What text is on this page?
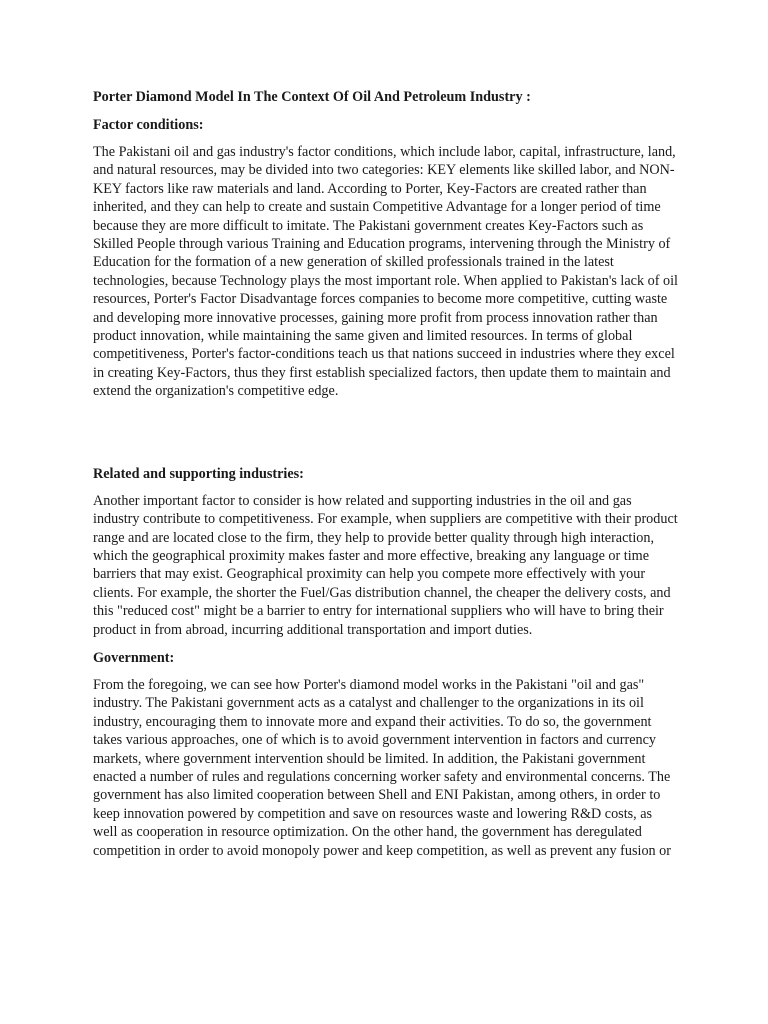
Porter Diamond Model In The Context Of Oil And Petroleum Industry :
Factor conditions:

The Pakistani oil and gas industry's factor conditions, which include labor, capital, infrastructure, land, and natural resources, may be divided into two categories: KEY elements like skilled labor, and NON-KEY factors like raw materials and land. According to Porter, Key-Factors are created rather than inherited, and they can help to create and sustain Competitive Advantage for a longer period of time because they are more difficult to imitate. The Pakistani government creates Key-Factors such as Skilled People through various Training and Education programs, intervening through the Ministry of Education for the formation of a new generation of skilled professionals trained in the latest technologies, because Technology plays the most important role. When applied to Pakistan's lack of oil resources, Porter's Factor Disadvantage forces companies to become more competitive, cutting waste and developing more innovative processes, gaining more profit from process innovation rather than product innovation, while maintaining the same given and limited resources. In terms of global competitiveness, Porter's factor-conditions teach us that nations succeed in industries where they excel in creating Key-Factors, thus they first establish specialized factors, then update them to maintain and extend the organization's competitive edge.

Related and supporting industries:

Another important factor to consider is how related and supporting industries in the oil and gas industry contribute to competitiveness. For example, when suppliers are competitive with their product range and are located close to the firm, they help to provide better quality through high interaction, which the geographical proximity makes faster and more effective, breaking any language or time barriers that may exist. Geographical proximity can help you compete more effectively with your clients. For example, the shorter the Fuel/Gas distribution channel, the cheaper the delivery costs, and this "reduced cost" might be a barrier to entry for international suppliers who will have to bring their product in from abroad, incurring additional transportation and import duties.

Government:

From the foregoing, we can see how Porter's diamond model works in the Pakistani "oil and gas" industry. The Pakistani government acts as a catalyst and challenger to the organizations in its oil industry, encouraging them to innovate more and expand their activities. To do so, the government takes various approaches, one of which is to avoid government intervention in factors and currency markets, where government intervention should be limited. In addition, the Pakistani government enacted a number of rules and regulations concerning worker safety and environmental concerns. The government has also limited cooperation between Shell and ENI Pakistan, among others, in order to keep innovation powered by competition and save on resources waste and lowering R&D costs, as well as cooperation in resource optimization. On the other hand, the government has deregulated competition in order to avoid monopoly power and keep competition, as well as prevent any fusion or
